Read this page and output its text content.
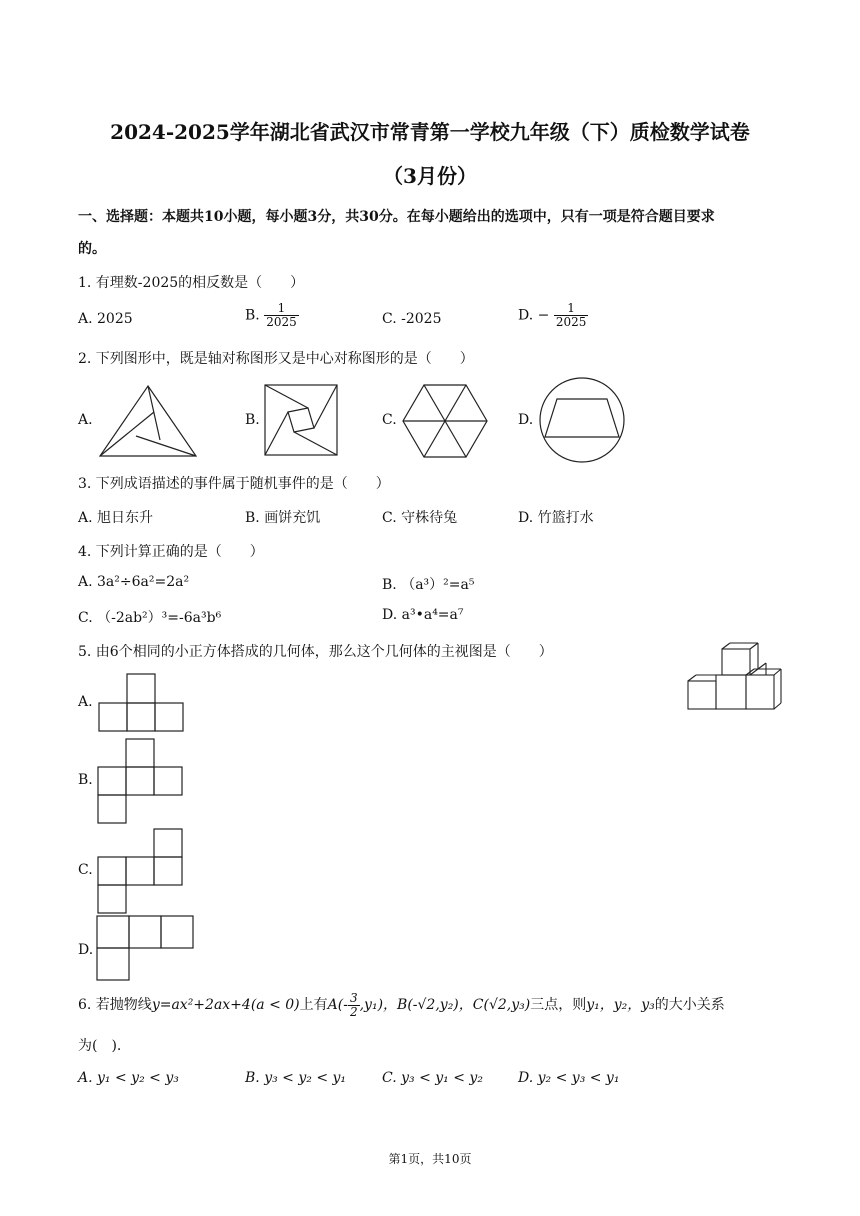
2024-2025学年湖北省武汉市常青第一学校九年级（下）质检数学试卷
（3月份）
一、选择题：本题共10小题，每小题3分，共30分。在每小题给出的选项中，只有一项是符合题目要求
的。
1. 有理数-2025的相反数是（　　）
A. 2025	B. $\frac{1}{2025}$	C. -2025	D. − $\frac{1}{2025}$
2. 下列图形中，既是轴对称图形又是中心对称图形的是（　　）
A.	B.	C.	D.
3. 下列成语描述的事件属于随机事件的是（　　）
A. 旭日东升	B. 画饼充饥	C. 守株待兔	D. 竹篮打水
4. 下列计算正确的是（　　）
A. 3a²÷6a²=2a²	B. （a³）²=a⁵
C. （-2ab²）³=-6a³b⁶	D. a³•a⁴=a⁷
5. 由6个相同的小正方体搭成的几何体，那么这个几何体的主视图是（　　）
A.
B.
C.
D.
6. 若抛物线y=ax²+2ax+4(a < 0)上有$A(- \frac{3}{2} ,y_1)$，B(-√2,y₂)，C(√2,y₃)三点，则y₁，y₂，y₃的大小关系
为(　).
A. y₁ < y₂ < y₃	B. y₃ < y₂ < y₁	C. y₃ < y₁ < y₂	D. y₂ < y₃ < y₁
第1页，共10页
